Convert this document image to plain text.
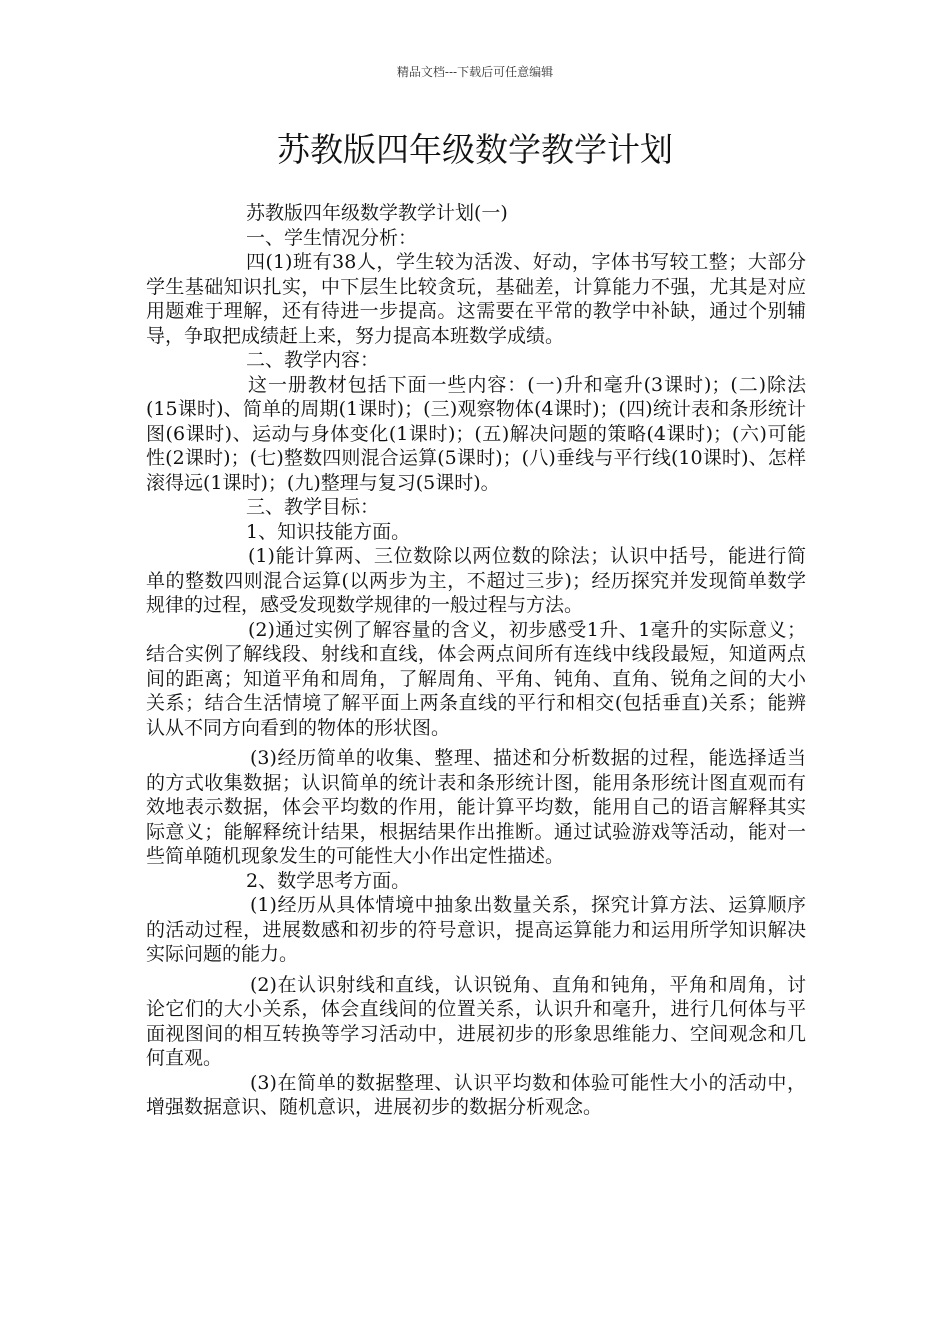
精品文档---下载后可任意编辑
苏教版四年级数学教学计划

苏教版四年级数学教学计划(一)

一、学生情况分析：

四(1)班有38人，学生较为活泼、好动，字体书写较工整；大部分学生基础知识扎实，中下层生比较贪玩，基础差，计算能力不强，尤其是对应用题难于理解，还有待进一步提高。这需要在平常的教学中补缺，通过个别辅导，争取把成绩赶上来，努力提高本班数学成绩。

二、教学内容：

这一册教材包括下面一些内容：(一)升和毫升(3课时)；(二)除法(15课时)、简单的周期(1课时)；(三)观察物体(4课时)；(四)统计表和条形统计图(6课时)、运动与身体变化(1课时)；(五)解决问题的策略(4课时)；(六)可能性(2课时)；(七)整数四则混合运算(5课时)；(八)垂线与平行线(10课时)、怎样滚得远(1课时)；(九)整理与复习(5课时)。

三、教学目标：

1、知识技能方面。

(1)能计算两、三位数除以两位数的除法；认识中括号，能进行简单的整数四则混合运算(以两步为主，不超过三步)；经历探究并发现简单数学规律的过程，感受发现数学规律的一般过程与方法。

(2)通过实例了解容量的含义，初步感受1升、1毫升的实际意义；结合实例了解线段、射线和直线，体会两点间所有连线中线段最短，知道两点间的距离；知道平角和周角，了解周角、平角、钝角、直角、锐角之间的大小关系；结合生活情境了解平面上两条直线的平行和相交(包括垂直)关系；能辨认从不同方向看到的物体的形状图。

(3)经历简单的收集、整理、描述和分析数据的过程，能选择适当的方式收集数据；认识简单的统计表和条形统计图，能用条形统计图直观而有效地表示数据，体会平均数的作用，能计算平均数，能用自己的语言解释其实际意义；能解释统计结果，根据结果作出推断。通过试验游戏等活动，能对一些简单随机现象发生的可能性大小作出定性描述。

2、数学思考方面。

(1)经历从具体情境中抽象出数量关系，探究计算方法、运算顺序的活动过程，进展数感和初步的符号意识，提高运算能力和运用所学知识解决实际问题的能力。

(2)在认识射线和直线，认识锐角、直角和钝角，平角和周角，讨论它们的大小关系，体会直线间的位置关系，认识升和毫升，进行几何体与平面视图间的相互转换等学习活动中，进展初步的形象思维能力、空间观念和几何直观。

(3)在简单的数据整理、认识平均数和体验可能性大小的活动中，增强数据意识、随机意识，进展初步的数据分析观念。
